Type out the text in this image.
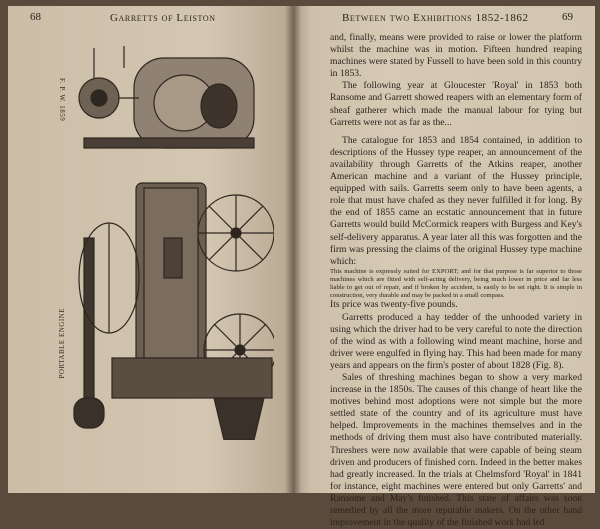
68	Garretts of Leiston	69
Between two Exhibitions 1852-1862
F. P. W. 1859
PORTABLE ENGINE

and, finally, means were provided to raise or lower the platform whilst the machine was in motion. Fifteen hundred reaping machines were stated by Fussell to have been sold in this country in 1853.

The following year at Gloucester 'Royal' in 1853 both Ransome and Garrett showed reapers with an elementary form of sheaf gatherer which made the manual labour for tying but Garretts were not as far as the...

The catalogue for 1853 and 1854 contained, in addition to descriptions of the Hussey type reaper, an announcement of the availability through Garretts of the Atkins reaper, another American machine and a variant of the Hussey principle, equipped with sails. Garretts seem only to have been agents, a role that must have chafed as they never fulfilled it for long. By the end of 1855 came an ecstatic announcement that in future Garretts would build McCormick reapers with Burgess and Key's self-delivery apparatus. A year later all this was forgotten and the firm was pressing the claims of the original Hussey type machine which:

This machine is expressly suited for EXPORT; and for that purpose is far superior to those machines which are fitted with self-acting delivery, being much lower in price and far less liable to get out of repair, and if broken by accident, is easily to be set right. It is simple in construction, very durable and may be packed in a small compass.

Its price was twenty-five pounds.

Garretts produced a hay tedder of the unhooded variety in using which the driver had to be very careful to note the direction of the wind as with a following wind meant machine, horse and driver were engulfed in flying hay. This had been made for many years and appears on the firm's poster of about 1828 (Fig. 8).

Sales of threshing machines began to show a very marked increase in the 1850s. The causes of this change of heart like the motives behind most adoptions were not simple but the more settled state of the country and of its agriculture must have helped. Improvements in the machines themselves and in the methods of driving them must also have contributed materially. Threshers were now available that were capable of being steam driven and producers of finished corn. Indeed in the better makes had greatly increased. In the trials at Chelmsford 'Royal' in 1841 for instance, eight machines were entered but only Garretts' and Ransome and May's finished. This state of affairs was soon remedied by all the more reputable makers. On the other hand improvement in the quality of the finished work had led
